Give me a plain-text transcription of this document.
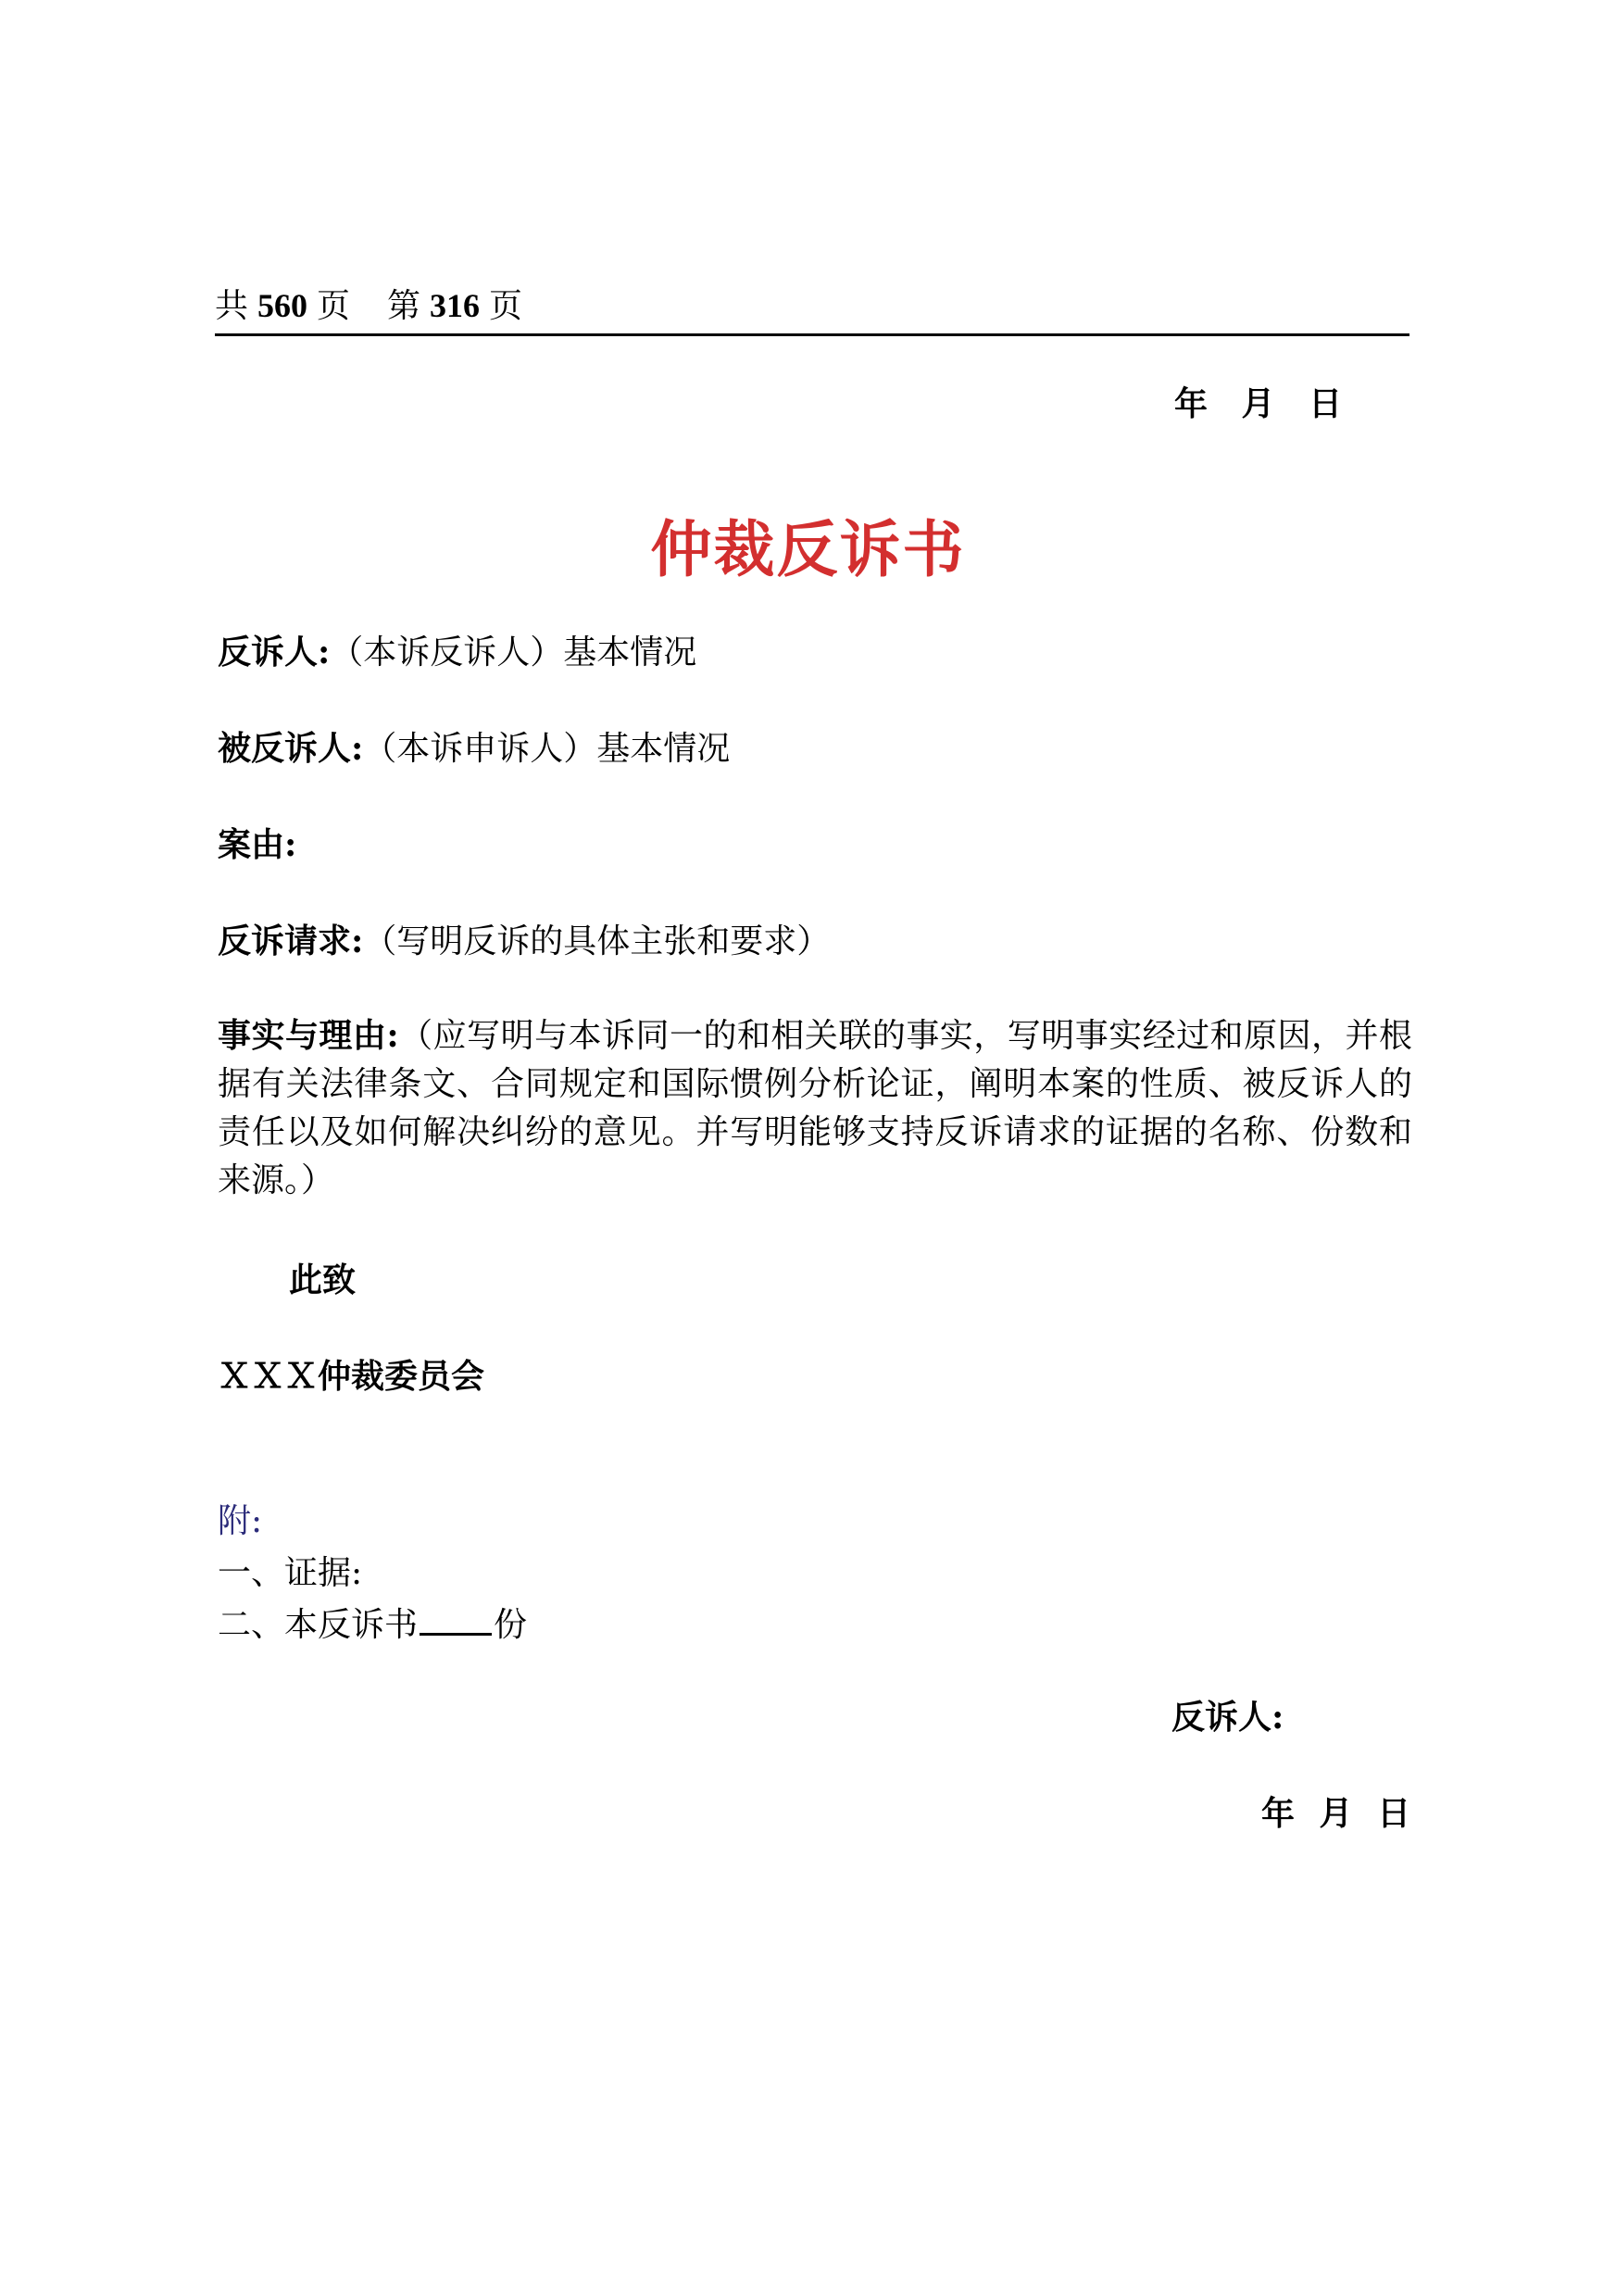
共 560 页 第 316 页
年 月 日
仲裁反诉书
反诉人:（本诉反诉人）基本情况
被反诉人:（本诉申诉人）基本情况
案由:
反诉请求:（写明反诉的具体主张和要求）
事实与理由:（应写明与本诉同一的和相关联的事实，写明事实经过和原因，并根据有关法律条文、合同规定和国际惯例分析论证，阐明本案的性质、被反诉人的责任以及如何解决纠纷的意见。并写明能够支持反诉请求的证据的名称、份数和来源。）
此致
ＸＸＸ仲裁委员会
附:
一、证据:
二、本反诉书 份
反诉人:
年 月 日
